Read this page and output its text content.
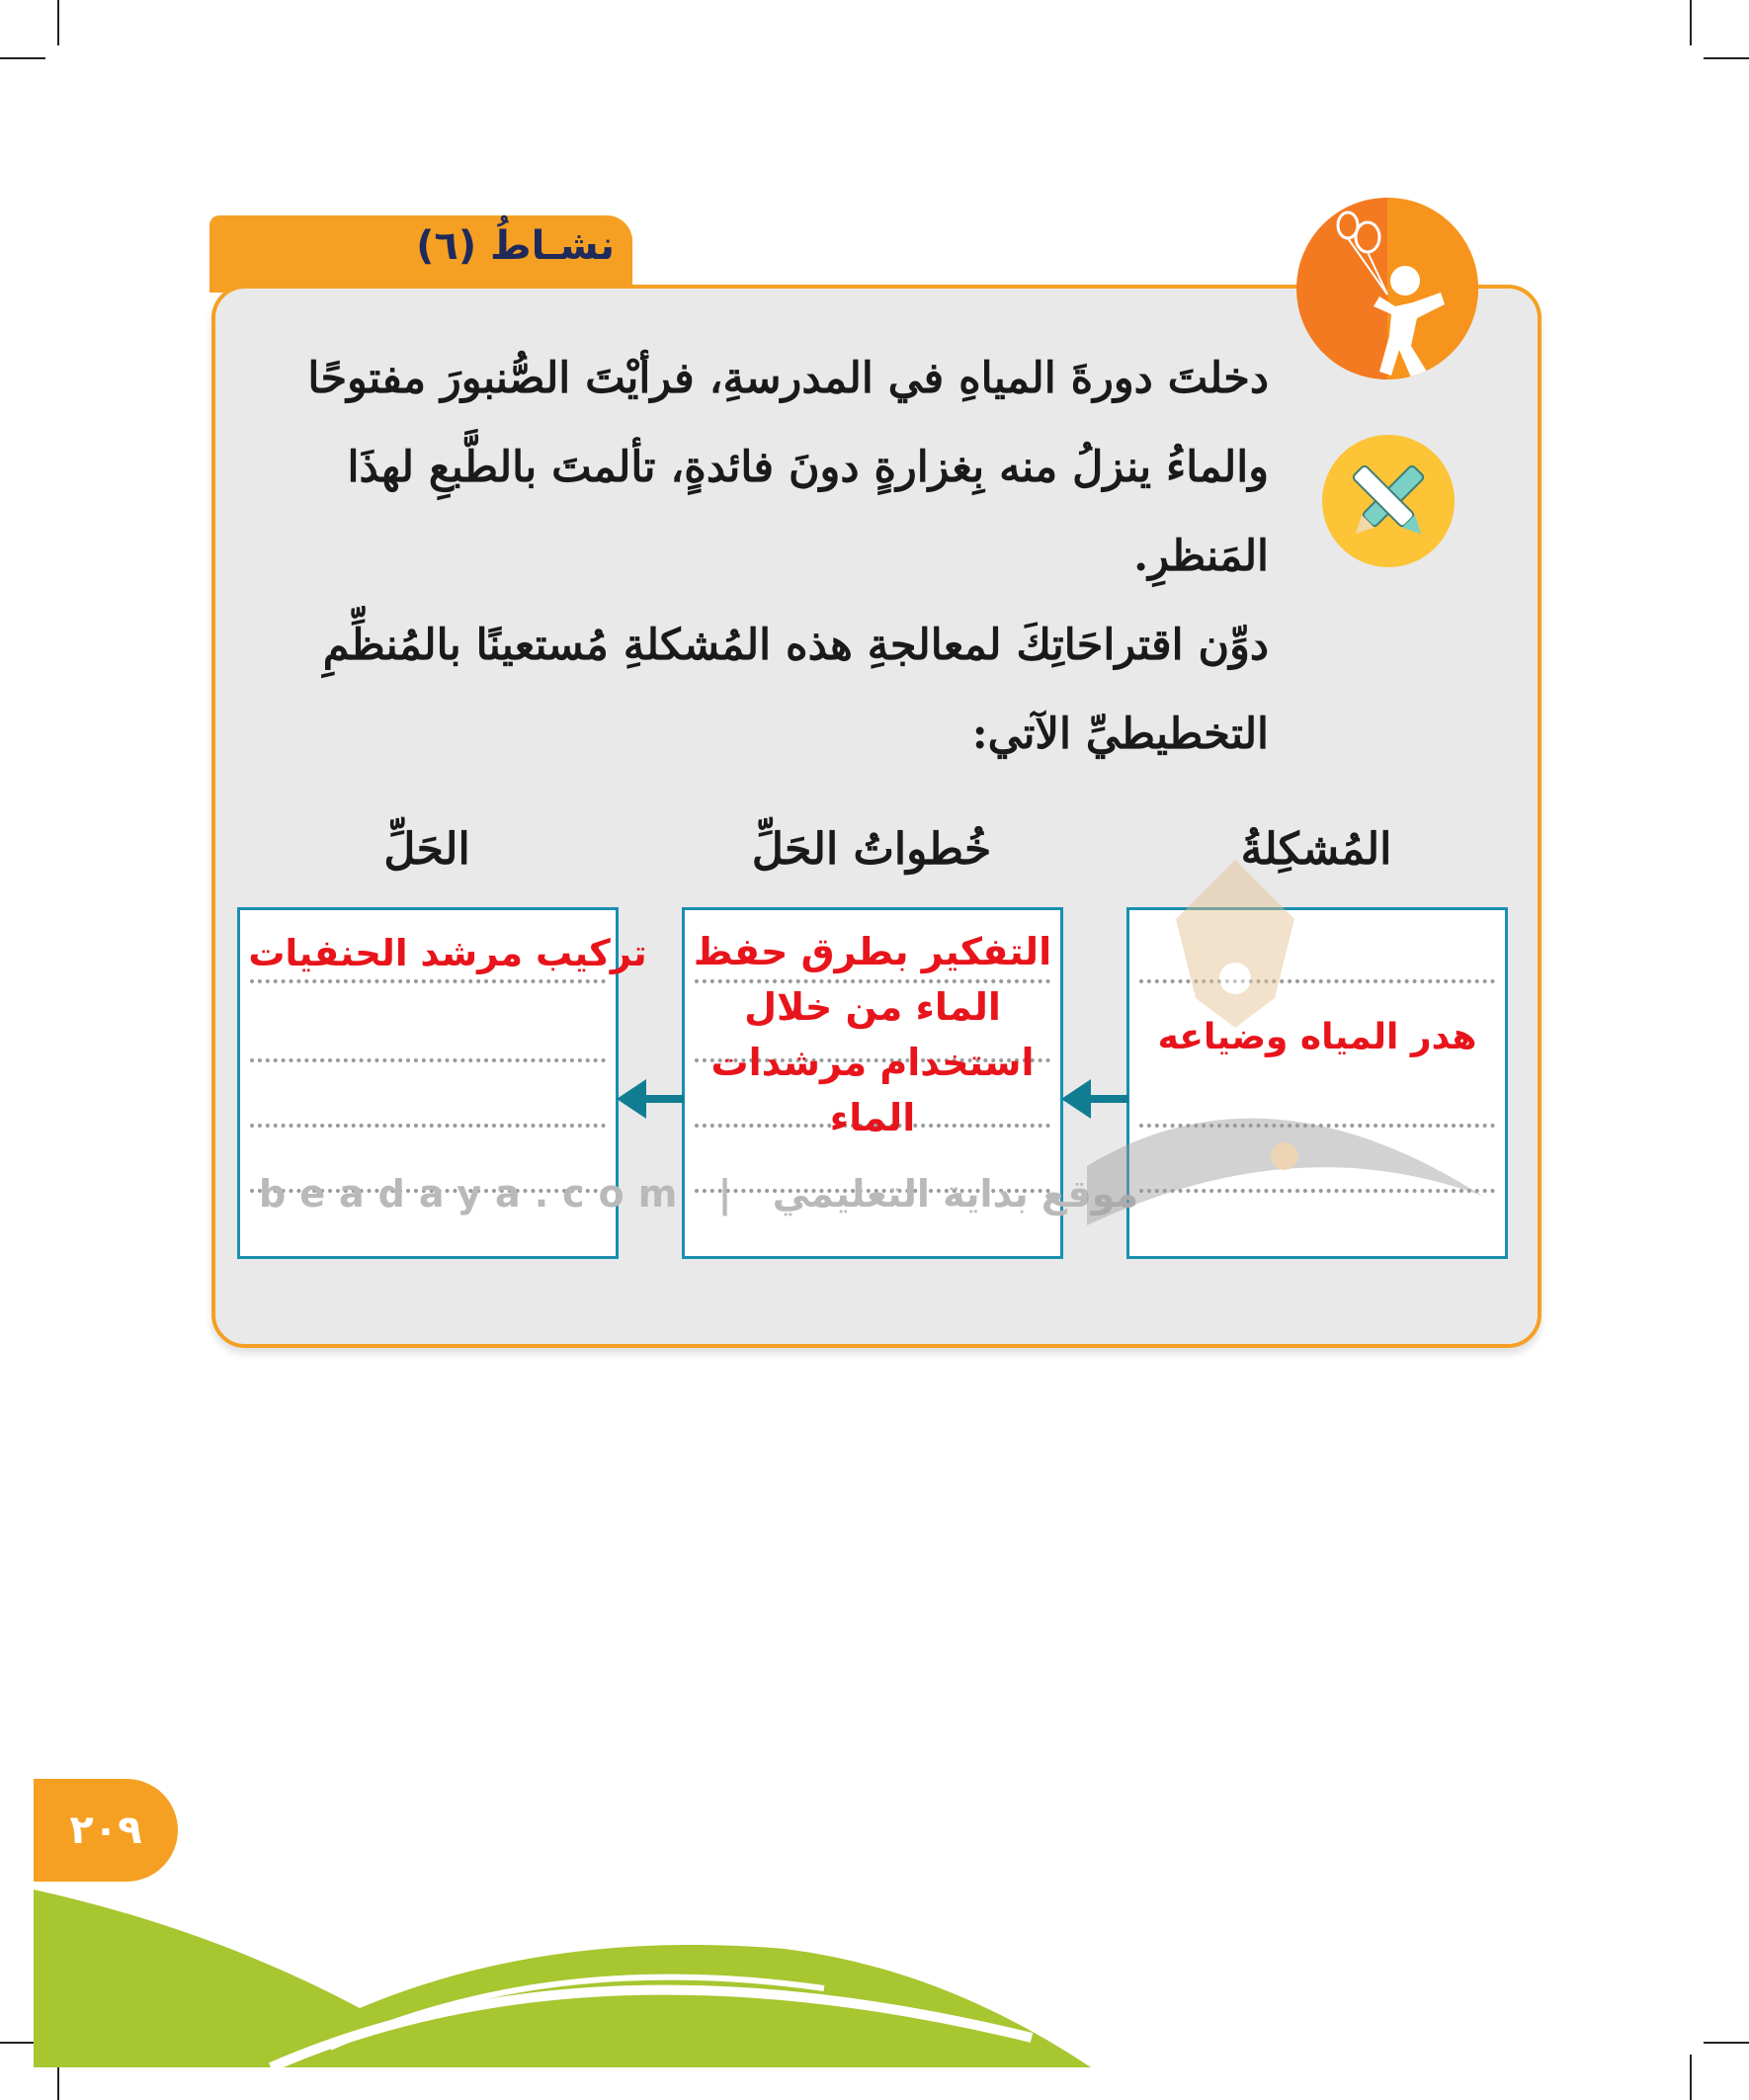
نشـاطُ (٦)
دخلتَ دورةَ المياهِ في المدرسةِ، فرأيْتَ الصُّنبورَ مفتوحًا
والماءُ ينزلُ منه بِغزارةٍ دونَ فائدةٍ، تألمتَ بالطَّبعِ لهذَا
المَنظرِ.
دوِّن اقتراحَاتِكَ لمعالجةِ هذه المُشكلةِ مُستعينًا بالمُنظِّمِ
التخطيطيِّ الآتي:
المُشكِلةُ
خُطواتُ الحَلِّ
الحَلِّ
هدر المياه وضياعه
التفكير بطرق حفظ
الماء من خلال
استخدام مرشدات
الماء
تركيب مرشد الحنفيات
beadaya.com | موقع بداية التعليمي
٢٠٩
